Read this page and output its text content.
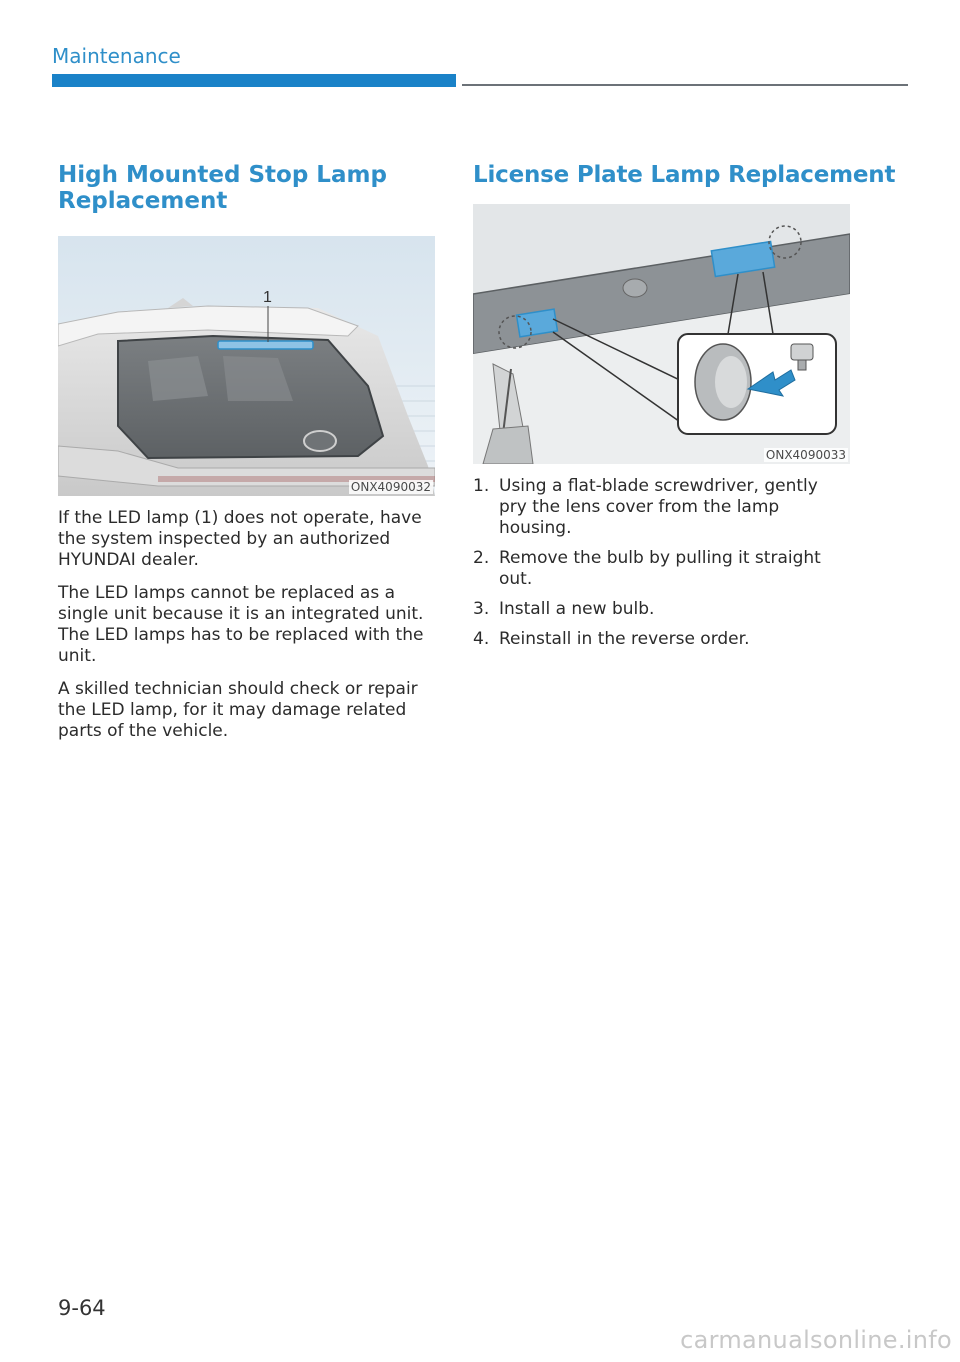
Maintenance
High Mounted Stop Lamp
Replacement
1
ONX4090032

If the LED lamp (1) does not operate, have the system inspected by an authorized HYUNDAI dealer.

The LED lamps cannot be replaced as a single unit because it is an integrated unit. The LED lamps has to be replaced with the unit.

A skilled technician should check or repair the LED lamp, for it may damage related parts of the vehicle.

License Plate Lamp Replacement
ONX4090033
1. Using a flat-blade screwdriver, gently pry the lens cover from the lamp housing.
2. Remove the bulb by pulling it straight out.
3. Install a new bulb.
4. Reinstall in the reverse order.
9-64
carmanualsonline.info
